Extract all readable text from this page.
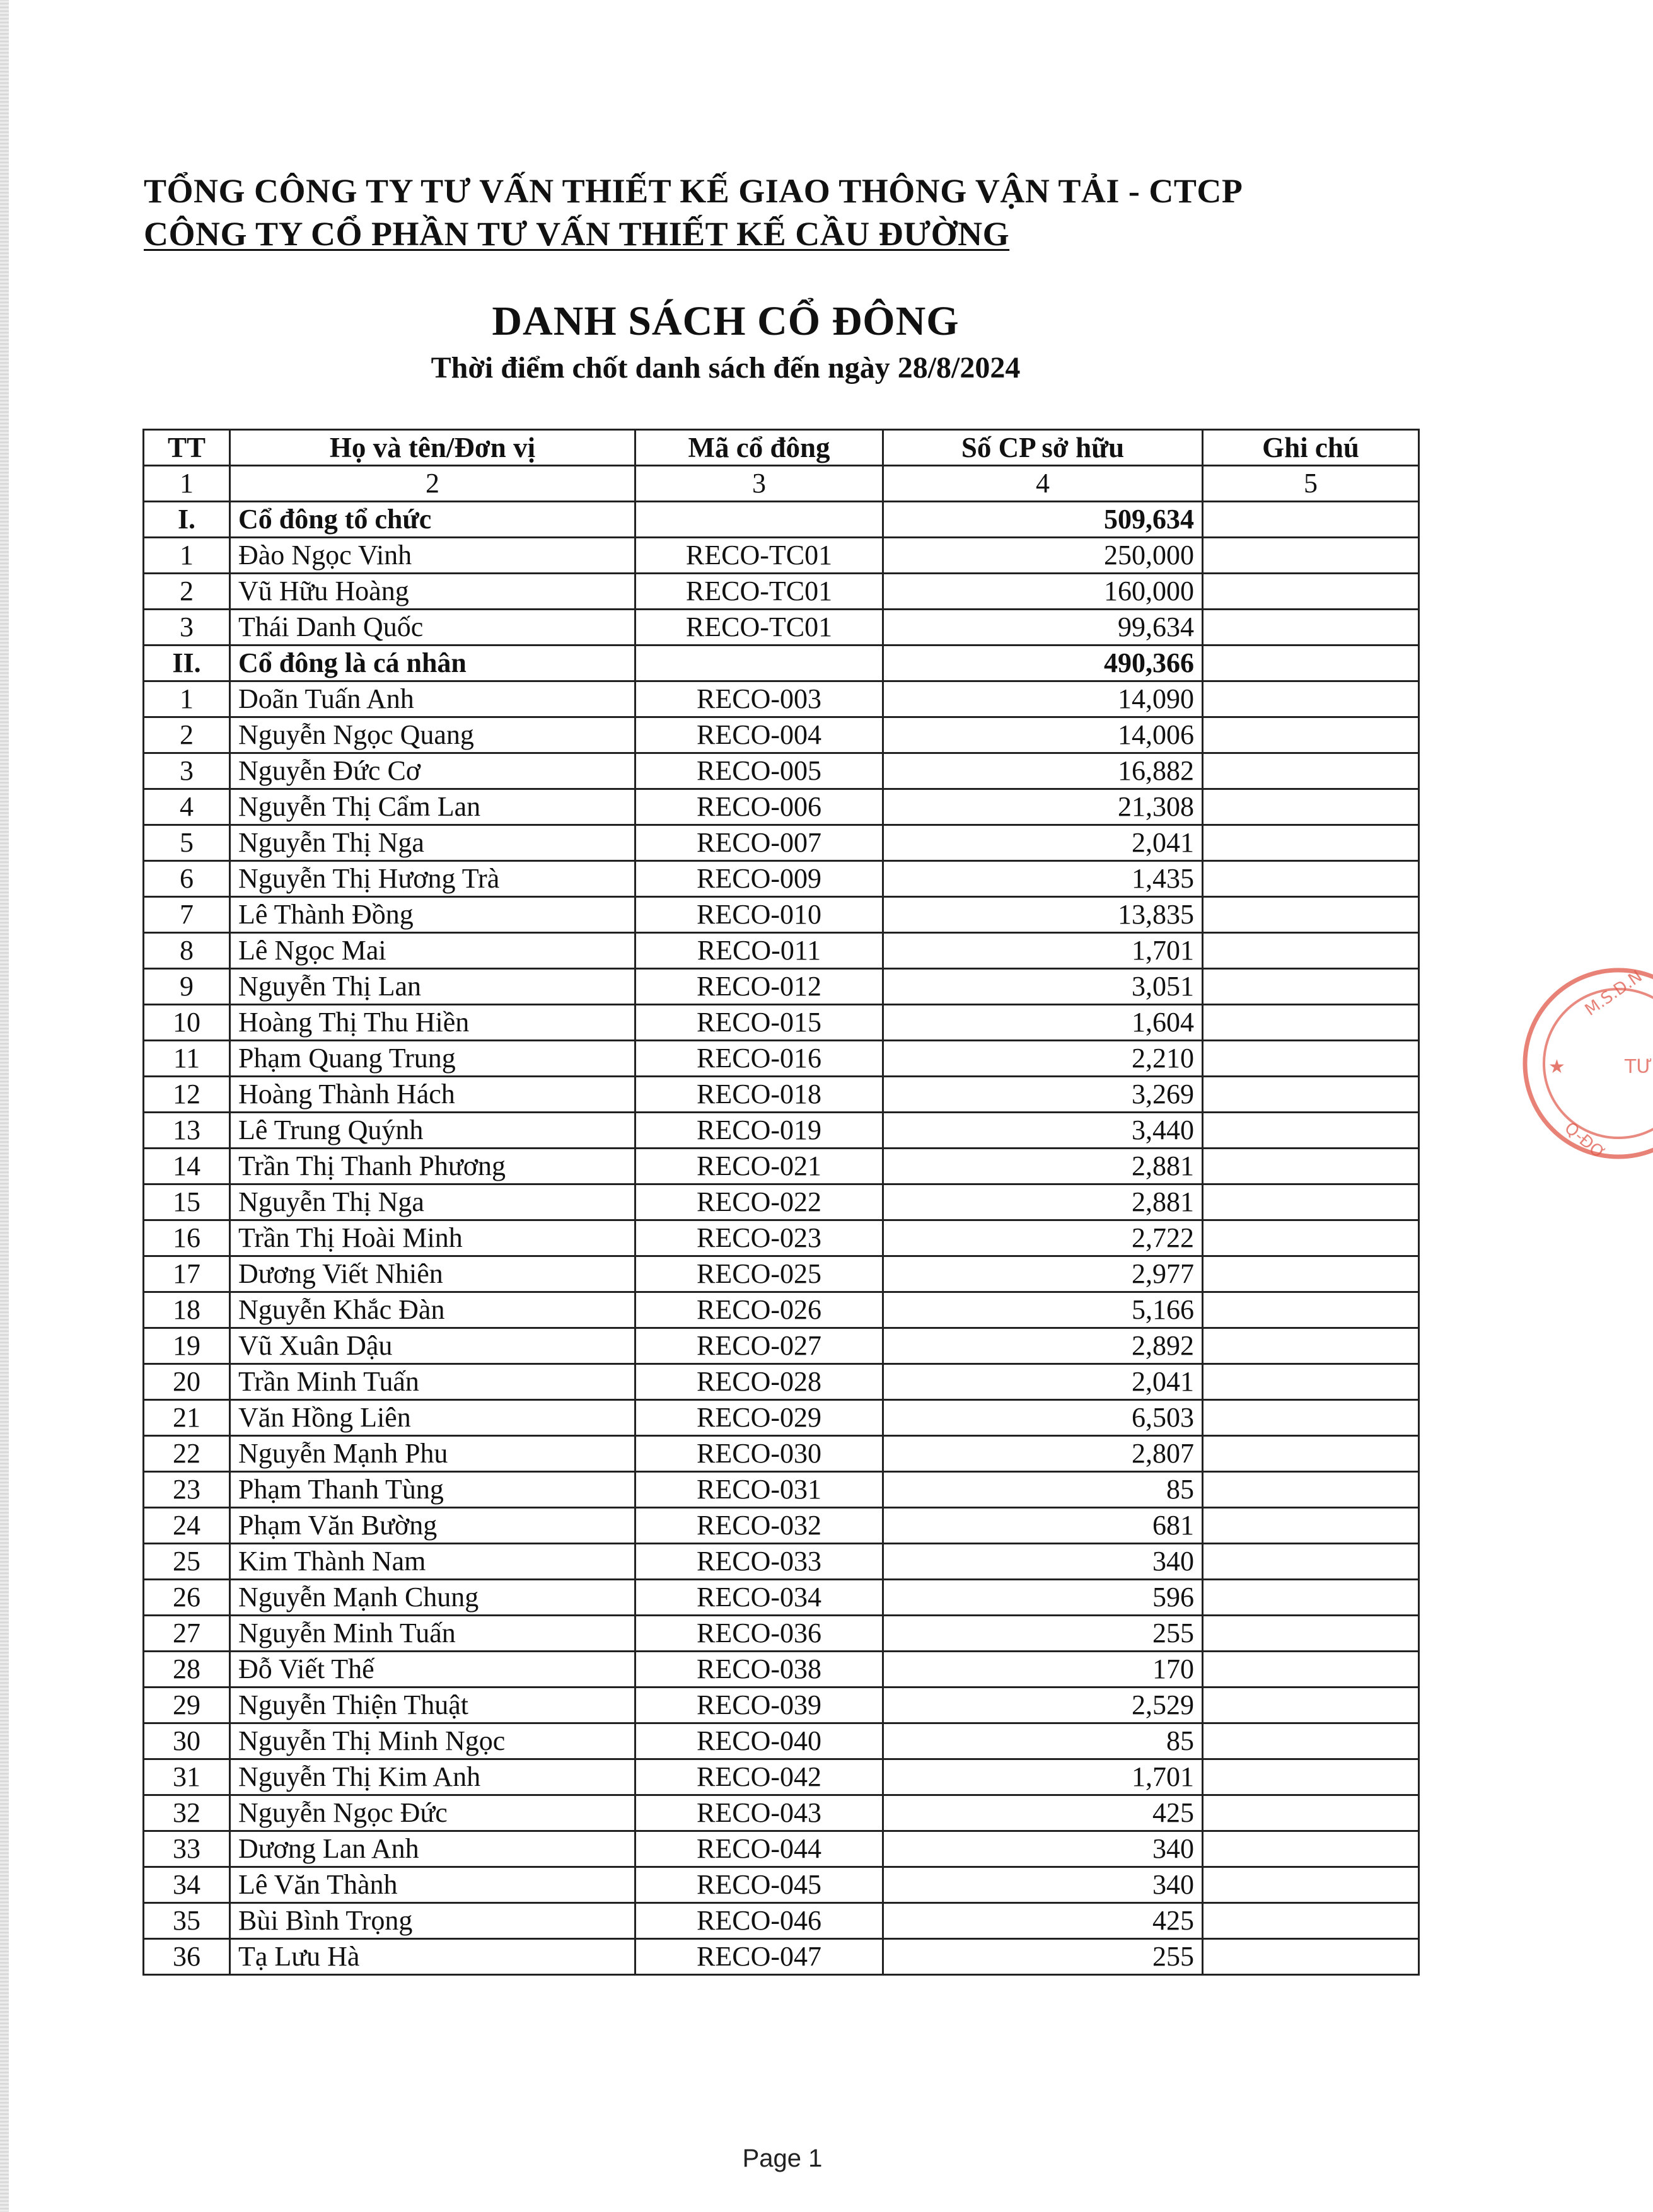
TỔNG CÔNG TY TƯ VẤN THIẾT KẾ GIAO THÔNG VẬN TẢI - CTCP
CÔNG TY CỔ PHẦN TƯ VẤN THIẾT KẾ CẦU ĐƯỜNG
DANH SÁCH CỔ ĐÔNG
Thời điểm chốt danh sách đến ngày 28/8/2024
TT	Họ và tên/Đơn vị	Mã cổ đông	Số CP sở hữu	Ghi chú
1	2	3	4	5
I.	Cổ đông tổ chức		509,634	
1	Đào Ngọc Vinh	RECO-TC01	250,000	
2	Vũ Hữu Hoàng	RECO-TC01	160,000	
3	Thái Danh Quốc	RECO-TC01	99,634	
II.	Cổ đông là cá nhân		490,366	
1	Doãn Tuấn Anh	RECO-003	14,090	
2	Nguyễn Ngọc Quang	RECO-004	14,006	
3	Nguyễn Đức Cơ	RECO-005	16,882	
4	Nguyễn Thị Cẩm Lan	RECO-006	21,308	
5	Nguyễn Thị Nga	RECO-007	2,041	
6	Nguyễn Thị Hương Trà	RECO-009	1,435	
7	Lê Thành Đồng	RECO-010	13,835	
8	Lê Ngọc Mai	RECO-011	1,701	
9	Nguyễn Thị Lan	RECO-012	3,051	
10	Hoàng Thị Thu Hiền	RECO-015	1,604	
11	Phạm Quang Trung	RECO-016	2,210	
12	Hoàng Thành Hách	RECO-018	3,269	
13	Lê Trung Quýnh	RECO-019	3,440	
14	Trần Thị Thanh Phương	RECO-021	2,881	
15	Nguyễn Thị Nga	RECO-022	2,881	
16	Trần Thị Hoài Minh	RECO-023	2,722	
17	Dương Viết Nhiên	RECO-025	2,977	
18	Nguyễn Khắc Đàn	RECO-026	5,166	
19	Vũ Xuân Dậu	RECO-027	2,892	
20	Trần Minh Tuấn	RECO-028	2,041	
21	Văn Hồng Liên	RECO-029	6,503	
22	Nguyễn Mạnh Phu	RECO-030	2,807	
23	Phạm Thanh Tùng	RECO-031	85	
24	Phạm Văn Bường	RECO-032	681	
25	Kim Thành Nam	RECO-033	340	
26	Nguyễn Mạnh Chung	RECO-034	596	
27	Nguyễn Minh Tuấn	RECO-036	255	
28	Đỗ Viết Thế	RECO-038	170	
29	Nguyễn Thiện Thuật	RECO-039	2,529	
30	Nguyễn Thị Minh Ngọc	RECO-040	85	
31	Nguyễn Thị Kim Anh	RECO-042	1,701	
32	Nguyễn Ngọc Đức	RECO-043	425	
33	Dương Lan Anh	RECO-044	340	
34	Lê Văn Thành	RECO-045	340	
35	Bùi Bình Trọng	RECO-046	425	
36	Tạ Lưu Hà	RECO-047	255	
★
M.S.D.N
TƯ
Q-ĐƠ
Page 1
